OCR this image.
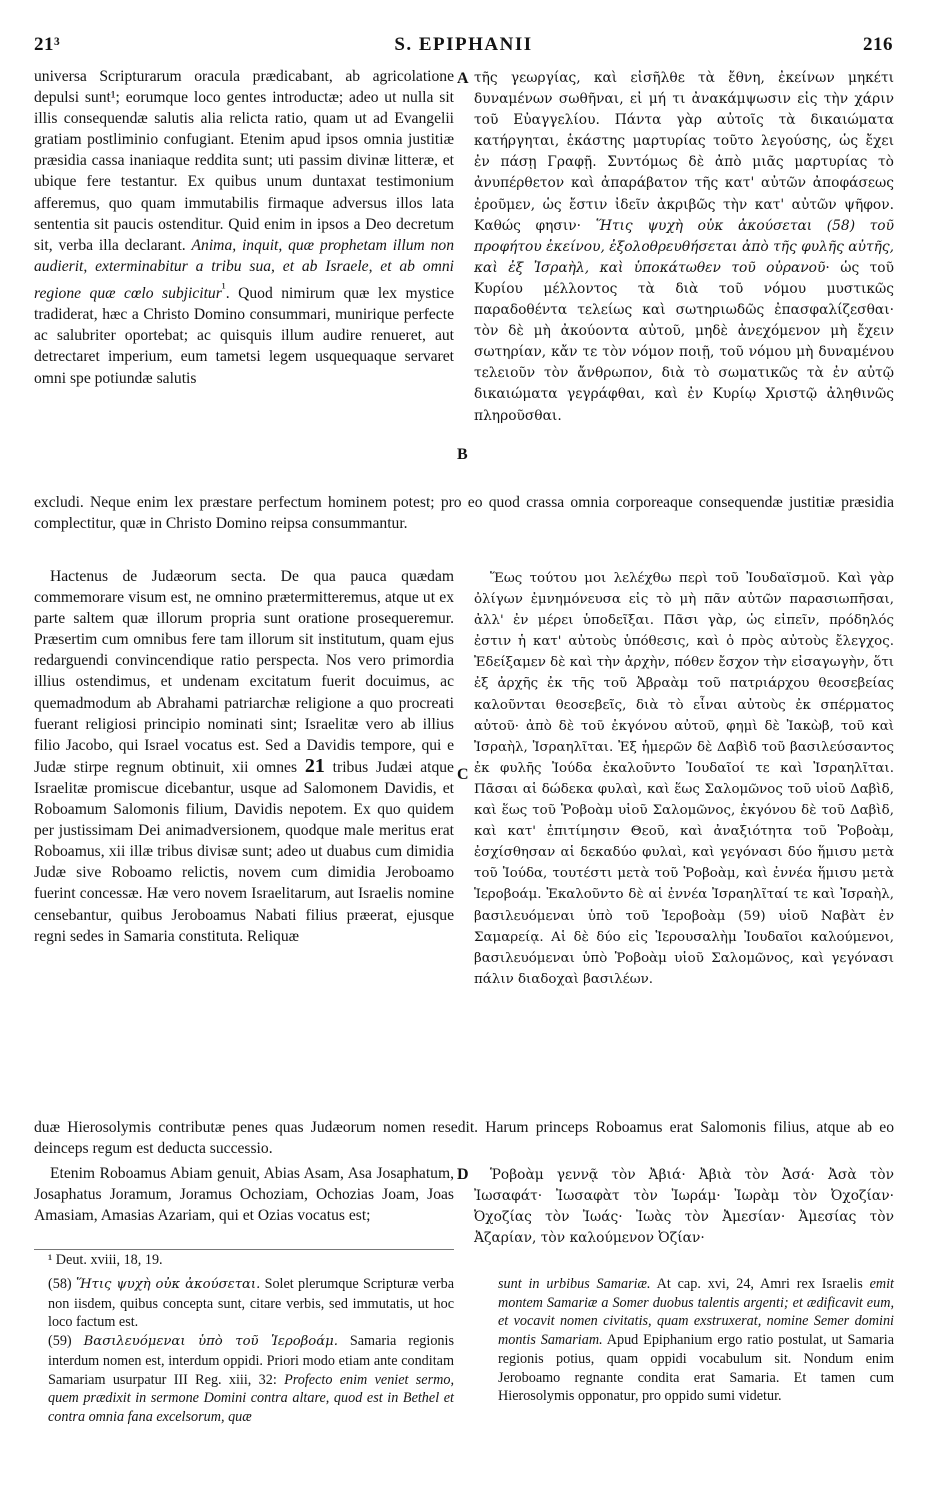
21³	S. EPIPHANII	216
A
B
C
D

universa Scripturarum oracula prædicabant, ab agricolatione depulsi sunt¹; eorumque loco gentes introductæ; adeo ut nulla sit illis consequendæ salutis alia relicta ratio, quam ut ad Evangelii gratiam postliminio confugiant. Etenim apud ipsos omnia justitiæ præsidia cassa inaniaque reddita sunt; uti passim divinæ litteræ, et ubique fere testantur. Ex quibus unum duntaxat testimonium afferemus, quo quam immutabilis firmaque adversus illos lata sententia sit paucis ostenditur. Quid enim in ipsos a Deo decretum sit, verba illa declarant. Anima, inquit, quæ prophetam illum non audierit, exterminabitur a tribu sua, et ab Israele, et ab omni regione quæ cœlo subjicitur$^{^1}$. Quod nimirum quæ lex mystice tradiderat, hæc a Christo Domino consummari, munirique perfecte ac salubriter oportebat; ac quisquis illum audire renueret, aut detrectaret imperium, eum tametsi legem usquequaque servaret omni spe potiundæ salutis

τῆς γεωργίας, καὶ εἰσῆλθε τὰ ἔθνη, ἐκείνων μηκέτι δυναμένων σωθῆναι, εἰ μή τι ἀνακάμψωσιν εἰς τὴν χάριν τοῦ Εὐαγγελίου. Πάντα γὰρ αὐτοῖς τὰ δικαιώματα κατήργηται, ἑκάστης μαρτυρίας τοῦτο λεγούσης, ὡς ἔχει ἐν πάσῃ Γραφῇ. Συντόμως δὲ ἀπὸ μιᾶς μαρτυρίας τὸ ἀνυπέρθετον καὶ ἀπαράβατον τῆς κατ' αὐτῶν ἀποφάσεως ἐροῦμεν, ὡς ἔστιν ἰδεῖν ἀκριβῶς τὴν κατ' αὐτῶν ψῆφον. Καθώς φησιν· Ἥτις ψυχὴ οὐκ ἀκούσεται (58) τοῦ προφήτου ἐκείνου, ἐξολοθρευθήσεται ἀπὸ τῆς φυλῆς αὐτῆς, καὶ ἐξ Ἰσραὴλ, καὶ ὑποκάτωθεν τοῦ οὐρανοῦ· ὡς τοῦ Κυρίου μέλλοντος τὰ διὰ τοῦ νόμου μυστικῶς παραδοθέντα τελείως καὶ σωτηριωδῶς ἐπασφαλίζεσθαι· τὸν δὲ μὴ ἀκούοντα αὐτοῦ, μηδὲ ἀνεχόμενον μὴ ἔχειν σωτηρίαν, κἄν τε τὸν νόμον ποιῇ, τοῦ νόμου μὴ δυναμένου τελειοῦν τὸν ἄνθρωπον, διὰ τὸ σωματικῶς τὰ ἐν αὐτῷ δικαιώματα γεγράφθαι, καὶ ἐν Κυρίῳ Χριστῷ ἀληθινῶς πληροῦσθαι.

excludi. Neque enim lex præstare perfectum hominem potest; pro eo quod crassa omnia corporeaque consequendæ justitiæ præsidia complectitur, quæ in Christo Domino reipsa consummantur.

Hactenus de Judæorum secta. De qua pauca quædam commemorare visum est, ne omnino prætermitteremus, atque ut ex parte saltem quæ illorum propria sunt oratione prosequeremur. Præsertim cum omnibus fere tam illorum sit institutum, quam ejus redarguendi convincendique ratio perspecta. Nos vero primordia illius ostendimus, et undenam excitatum fuerit docuimus, ac quemadmodum ab Abrahami patriarchæ religione a quo procreati fuerant religiosi principio nominati sint; Israelitæ vero ab illius filio Jacobo, qui Israel vocatus est. Sed a Davidis tempore, qui e Judæ stirpe regnum obtinuit, xii omnes 21 tribus Judæi atque Israelitæ promiscue dicebantur, usque ad Salomonem Davidis, et Roboamum Salomonis filium, Davidis nepotem. Ex quo quidem per justissimam Dei animadversionem, quodque male meritus erat Roboamus, xii illæ tribus divisæ sunt; adeo ut duabus cum dimidia Judæ sive Roboamo relictis, novem cum dimidia Jeroboamo fuerint concessæ. Hæ vero novem Israelitarum, aut Israelis nomine censebantur, quibus Jeroboamus Nabati filius præerat, ejusque regni sedes in Samaria constituta. Reliquæ

Ἕως τούτου μοι λελέχθω περὶ τοῦ Ἰουδαϊσμοῦ. Καὶ γὰρ ὀλίγων ἐμνημόνευσα εἰς τὸ μὴ πᾶν αὐτῶν παρασιωπῆσαι, ἀλλ' ἐν μέρει ὑποδεῖξαι. Πᾶσι γὰρ, ὡς εἰπεῖν, πρόδηλός ἐστιν ἡ κατ' αὐτοὺς ὑπόθεσις, καὶ ὁ πρὸς αὐτοὺς ἔλεγχος. Ἐδείξαμεν δὲ καὶ τὴν ἀρχὴν, πόθεν ἔσχον τὴν εἰσαγωγὴν, ὅτι ἐξ ἀρχῆς ἐκ τῆς τοῦ Ἀβραὰμ τοῦ πατριάρχου θεοσεβείας καλοῦνται θεοσεβεῖς, διὰ τὸ εἶναι αὐτοὺς ἐκ σπέρματος αὐτοῦ· ἀπὸ δὲ τοῦ ἐκγόνου αὐτοῦ, φημὶ δὲ Ἰακὼβ, τοῦ καὶ Ἰσραὴλ, Ἰσραηλῖται. Ἐξ ἡμερῶν δὲ Δαβὶδ τοῦ βασιλεύσαντος ἐκ φυλῆς Ἰούδα ἐκαλοῦντο Ἰουδαῖοί τε καὶ Ἰσραηλῖται. Πᾶσαι αἱ δώδεκα φυλαὶ, καὶ ἕως Σαλομῶνος τοῦ υἱοῦ Δαβὶδ, καὶ ἕως τοῦ Ῥοβοὰμ υἱοῦ Σαλομῶνος, ἐκγόνου δὲ τοῦ Δαβὶδ, καὶ κατ' ἐπιτίμησιν Θεοῦ, καὶ ἀναξιότητα τοῦ Ῥοβοὰμ, ἐσχίσθησαν αἱ δεκαδύο φυλαὶ, καὶ γεγόνασι δύο ἥμισυ μετὰ τοῦ Ἰούδα, τουτέστι μετὰ τοῦ Ῥοβοὰμ, καὶ ἐννέα ἥμισυ μετὰ Ἱεροβοάμ. Ἐκαλοῦντο δὲ αἱ ἐννέα Ἰσραηλῖταί τε καὶ Ἰσραὴλ, βασιλευόμεναι ὑπὸ τοῦ Ἱεροβοὰμ (59) υἱοῦ Ναβὰτ ἐν Σαμαρείᾳ. Αἱ δὲ δύο εἰς Ἱερουσαλὴμ Ἰουδαῖοι καλούμενοι, βασιλευόμεναι ὑπὸ Ῥοβοὰμ υἱοῦ Σαλομῶνος, καὶ γεγόνασι πάλιν διαδοχαὶ βασιλέων.

duæ Hierosolymis contributæ penes quas Judæorum nomen resedit. Harum princeps Roboamus erat Salomonis filius, atque ab eo deinceps regum est deducta successio.

Etenim Roboamus Abiam genuit, Abias Asam, Asa Josaphatum, Josaphatus Joramum, Joramus Ochoziam, Ochozias Joam, Joas Amasiam, Amasias Azariam, qui et Ozias vocatus est;

Ῥοβοὰμ γεννᾷ τὸν Ἀβιά· Ἀβιὰ τὸν Ἀσά· Ἀσὰ τὸν Ἰωσαφάτ· Ἰωσαφὰτ τὸν Ἰωράμ· Ἰωρὰμ τὸν Ὀχοζίαν· Ὀχοζίας τὸν Ἰωάς· Ἰωὰς τὸν Ἀμεσίαν· Ἀμεσίας τὸν Ἀζαρίαν, τὸν καλούμενον Ὀζίαν·

¹ Deut. xviii, 18, 19.

(58) Ἥτις ψυχὴ οὐκ ἀκούσεται. Solet plerumque Scripturæ verba non iisdem, quibus concepta sunt, citare verbis, sed immutatis, ut hoc loco factum est.
(59) Βασιλευόμεναι ὑπὸ τοῦ Ἱεροβοάμ. Samaria regionis interdum nomen est, interdum oppidi. Priori modo etiam ante conditam Samariam usurpatur III Reg. xiii, 32: Profecto enim veniet sermo, quem prædixit in sermone Domini contra altare, quod est in Bethel et contra omnia fana excelsorum, quæ

sunt in urbibus Samariæ. At cap. xvi, 24, Amri rex Israelis emit montem Samariæ a Somer duobus talentis argenti; et ædificavit eum, et vocavit nomen civitatis, quam exstruxerat, nomine Semer domini montis Samariam. Apud Epiphanium ergo ratio postulat, ut Samaria regionis potius, quam oppidi vocabulum sit. Nondum enim Jeroboamo regnante condita erat Samaria. Et tamen cum Hierosolymis opponatur, pro oppido sumi videtur.
